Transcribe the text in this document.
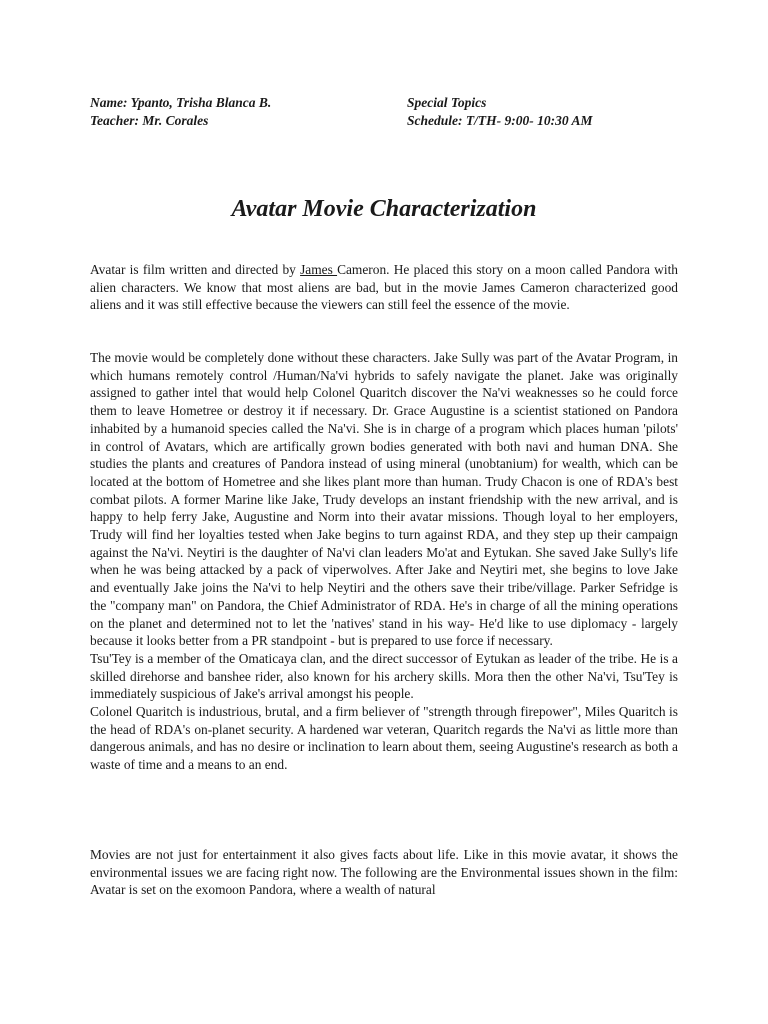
Name: Ypanto, Trisha Blanca B.
Teacher: Mr. Corales
Special Topics
Schedule: T/TH- 9:00- 10:30 AM
Avatar Movie Characterization

Avatar is film written and directed by James Cameron. He placed this story on a moon called Pandora with alien characters. We know that most aliens are bad, but in the movie James Cameron characterized good aliens and it was still effective because the viewers can still feel the essence of the movie.

The movie would be completely done without these characters. Jake Sully was part of the Avatar Program, in which humans remotely control /Human/Na'vi hybrids to safely navigate the planet. Jake was originally assigned to gather intel that would help Colonel Quaritch discover the Na'vi weaknesses so he could force them to leave Hometree or destroy it if necessary. Dr. Grace Augustine is a scientist stationed on Pandora inhabited by a humanoid species called the Na'vi. She is in charge of a program which places human 'pilots' in control of Avatars, which are artifically grown bodies generated with both navi and human DNA. She studies the plants and creatures of Pandora instead of using mineral (unobtanium) for wealth, which can be located at the bottom of Hometree and she likes plant more than human. Trudy Chacon is one of RDA's best combat pilots. A former Marine like Jake, Trudy develops an instant friendship with the new arrival, and is happy to help ferry Jake, Augustine and Norm into their avatar missions. Though loyal to her employers, Trudy will find her loyalties tested when Jake begins to turn against RDA, and they step up their campaign against the Na'vi. Neytiri is the daughter of Na'vi clan leaders Mo'at and Eytukan. She saved Jake Sully's life when he was being attacked by a pack of viperwolves. After Jake and Neytiri met, she begins to love Jake and eventually Jake joins the Na'vi to help Neytiri and the others save their tribe/village. Parker Sefridge is the "company man" on Pandora, the Chief Administrator of RDA. He's in charge of all the mining operations on the planet and determined not to let the 'natives' stand in his way- He'd like to use diplomacy - largely because it looks better from a PR standpoint - but is prepared to use force if necessary.

Tsu'Tey is a member of the Omaticaya clan, and the direct successor of Eytukan as leader of the tribe. He is a skilled direhorse and banshee rider, also known for his archery skills. Mora then the other Na'vi, Tsu'Tey is immediately suspicious of Jake's arrival amongst his people.

Colonel Quaritch is industrious, brutal, and a firm believer of "strength through firepower", Miles Quaritch is the head of RDA's on-planet security. A hardened war veteran, Quaritch regards the Na'vi as little more than dangerous animals, and has no desire or inclination to learn about them, seeing Augustine's research as both a waste of time and a means to an end.

Movies are not just for entertainment it also gives facts about life. Like in this movie avatar, it shows the environmental issues we are facing right now. The following are the Environmental issues shown in the film: Avatar is set on the exomoon Pandora, where a wealth of natural
